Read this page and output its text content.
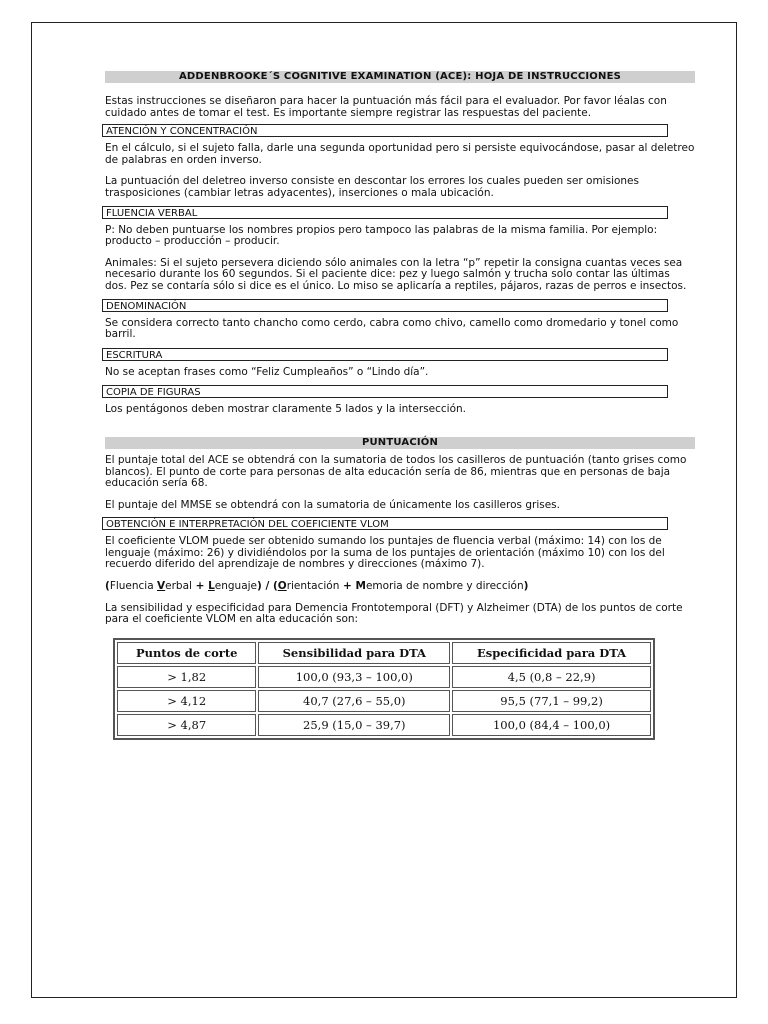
ADDENBROOKE´S COGNITIVE EXAMINATION (ACE): HOJA DE INSTRUCCIONES

Estas instrucciones se diseñaron para hacer la puntuación más fácil para el evaluador. Por favor léalas con cuidado antes de tomar el test. Es importante siempre registrar las respuestas del paciente.

ATENCIÓN Y CONCENTRACIÓN

En el cálculo, si el sujeto falla, darle una segunda oportunidad pero si persiste equivocándose, pasar al deletreo de palabras en orden inverso.

La puntuación del deletreo inverso consiste en descontar los errores los cuales pueden ser omisiones trasposiciones (cambiar letras adyacentes), inserciones o mala ubicación.

FLUENCIA VERBAL

P: No deben puntuarse los nombres propios pero tampoco las palabras de la misma familia. Por ejemplo: producto – producción – producir.

Animales: Si el sujeto persevera diciendo sólo animales con la letra “p” repetir la consigna cuantas veces sea necesario durante los 60 segundos. Si el paciente dice: pez y luego salmón y trucha solo contar las últimas dos. Pez se contaría sólo si dice es el único. Lo miso se aplicaría a reptiles, pájaros, razas de perros e insectos.

DENOMINACIÓN

Se considera correcto tanto chancho como cerdo, cabra como chivo, camello como dromedario y tonel como barril.

ESCRITURA

No se aceptan frases como “Feliz Cumpleaños” o “Lindo día”.

COPIA DE FIGURAS

Los pentágonos deben mostrar claramente 5 lados y la intersección.

PUNTUACIÓN

El puntaje total del ACE se obtendrá con la sumatoria de todos los casilleros de puntuación (tanto grises como blancos). El punto de corte para personas de alta educación sería de 86, mientras que en personas de baja educación sería 68.

El puntaje del MMSE se obtendrá con la sumatoria de únicamente los casilleros grises.

OBTENCIÓN E INTERPRETACIÓN DEL COEFICIENTE VLOM

El coeficiente VLOM puede ser obtenido sumando los puntajes de fluencia verbal (máximo: 14) con los de lenguaje (máximo: 26) y dividiéndolos por la suma de los puntajes de orientación (máximo 10) con los del recuerdo diferido del aprendizaje de nombres y direcciones (máximo 7).

(Fluencia Verbal + Lenguaje) / (Orientación + Memoria de nombre y dirección)

La sensibilidad y especificidad para Demencia Frontotemporal (DFT) y Alzheimer (DTA) de los puntos de corte para el coeficiente VLOM en alta educación son:

Puntos de corte	Sensibilidad para DTA	Especificidad para DTA
> 1,82	100,0 (93,3 – 100,0)	4,5 (0,8 – 22,9)
> 4,12	40,7 (27,6 – 55,0)	95,5 (77,1 – 99,2)
> 4,87	25,9 (15,0 – 39,7)	100,0 (84,4 – 100,0)
